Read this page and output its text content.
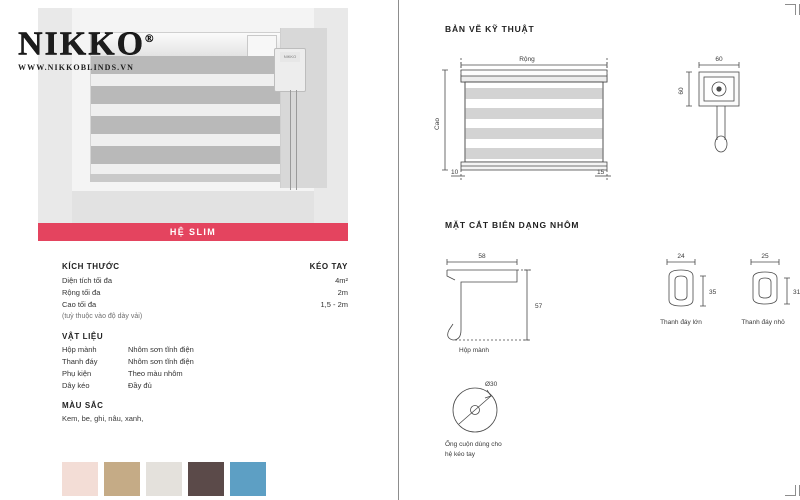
NIKKO
NIKKO®
WWW.NIKKOBLINDS.VN
HỆ SLIM
KÍCH THƯỚC	KÉO TAY
Diện tích tối đa	4m²
Rộng tối đa	2m
Cao tối đa	1,5 - 2m
(tuỳ thuộc vào độ dày vải)
VẬT LIỆU
Hộp mành	Nhôm sơn tĩnh điện
Thanh đáy	Nhôm sơn tĩnh điện
Phụ kiện	Theo màu nhôm
Dây kéo	Đầy đủ
MÀU SẮC
Kem, be, ghi, nâu, xanh,
BẢN VẼ KỸ THUẬT
MẶT CẮT BIÊN DẠNG NHÔM
Rộng
Cao
10	15
60
60
58
57
Hộp mành
24
35
Thanh đáy lớn
25
31
Thanh đáy nhỏ
Ø30
Ống cuộn dùng cho
hệ kéo tay
